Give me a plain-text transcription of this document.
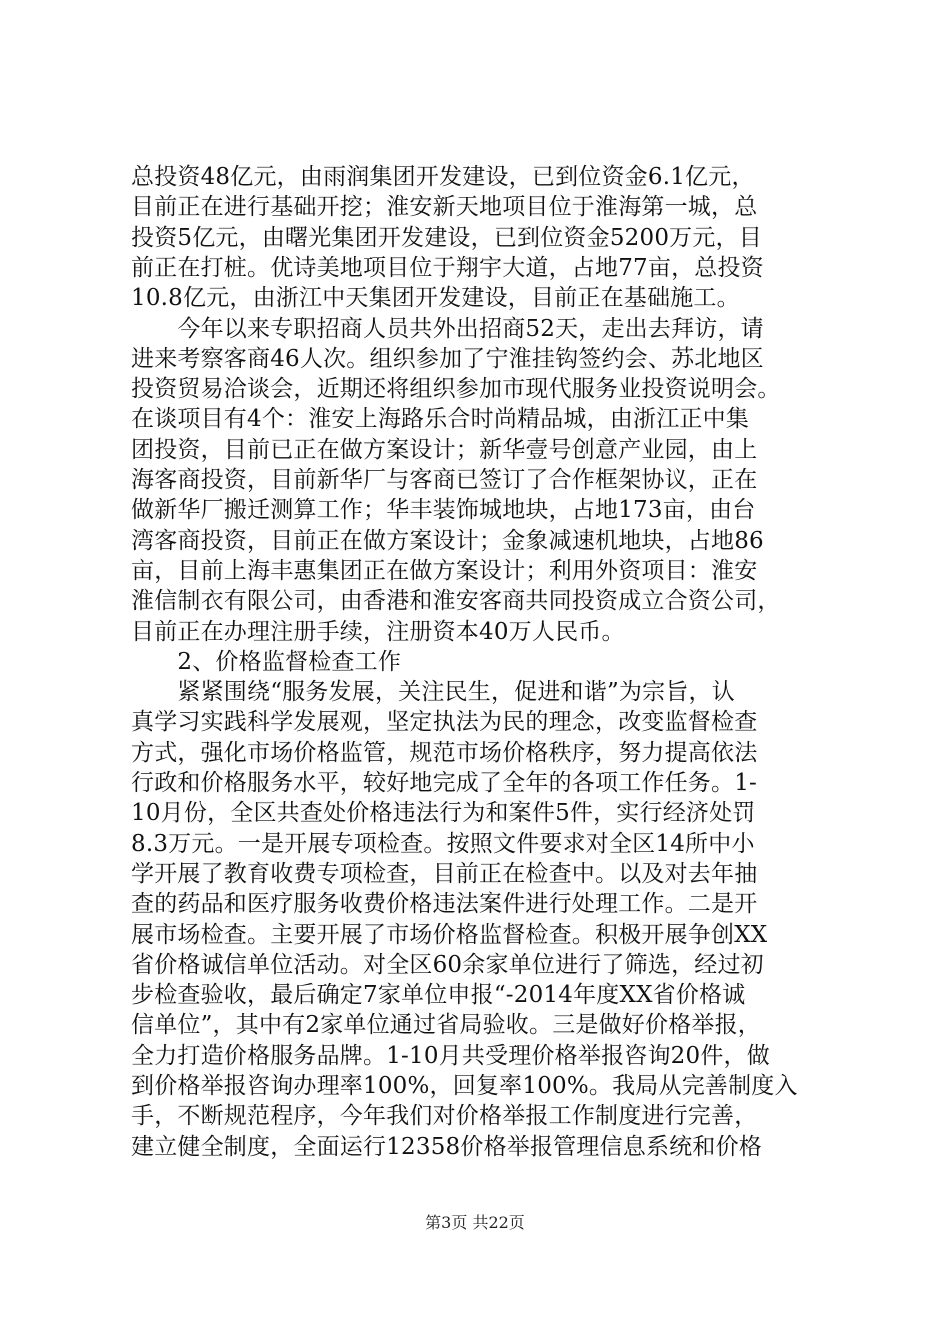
总投资48亿元，由雨润集团开发建设，已到位资金6.1亿元，
目前正在进行基础开挖；淮安新天地项目位于淮海第一城，总
投资5亿元，由曙光集团开发建设，已到位资金5200万元，目
前正在打桩。优诗美地项目位于翔宇大道，占地77亩，总投资
10.8亿元，由浙江中天集团开发建设，目前正在基础施工。
　　今年以来专职招商人员共外出招商52天，走出去拜访，请
进来考察客商46人次。组织参加了宁淮挂钩签约会、苏北地区
投资贸易洽谈会，近期还将组织参加市现代服务业投资说明会。
在谈项目有4个：淮安上海路乐合时尚精品城，由浙江正中集
团投资，目前已正在做方案设计；新华壹号创意产业园，由上
海客商投资，目前新华厂与客商已签订了合作框架协议，正在
做新华厂搬迁测算工作；华丰装饰城地块，占地173亩，由台
湾客商投资，目前正在做方案设计；金象减速机地块，占地86
亩，目前上海丰惠集团正在做方案设计；利用外资项目：淮安
淮信制衣有限公司，由香港和淮安客商共同投资成立合资公司，
目前正在办理注册手续，注册资本40万人民币。
　　2、价格监督检查工作
　　紧紧围绕“服务发展，关注民生，促进和谐”为宗旨，认
真学习实践科学发展观，坚定执法为民的理念，改变监督检查
方式，强化市场价格监管，规范市场价格秩序，努力提高依法
行政和价格服务水平，较好地完成了全年的各项工作任务。1-
10月份，全区共查处价格违法行为和案件5件，实行经济处罚
8.3万元。一是开展专项检查。按照文件要求对全区14所中小
学开展了教育收费专项检查，目前正在检查中。以及对去年抽
查的药品和医疗服务收费价格违法案件进行处理工作。二是开
展市场检查。主要开展了市场价格监督检查。积极开展争创XX
省价格诚信单位活动。对全区60余家单位进行了筛选，经过初
步检查验收，最后确定7家单位申报“-2014年度XX省价格诚
信单位”，其中有2家单位通过省局验收。三是做好价格举报，
全力打造价格服务品牌。1-10月共受理价格举报咨询20件，做
到价格举报咨询办理率100%，回复率100%。我局从完善制度入
手，不断规范程序，今年我们对价格举报工作制度进行完善，
建立健全制度，全面运行12358价格举报管理信息系统和价格
第3页 共22页
